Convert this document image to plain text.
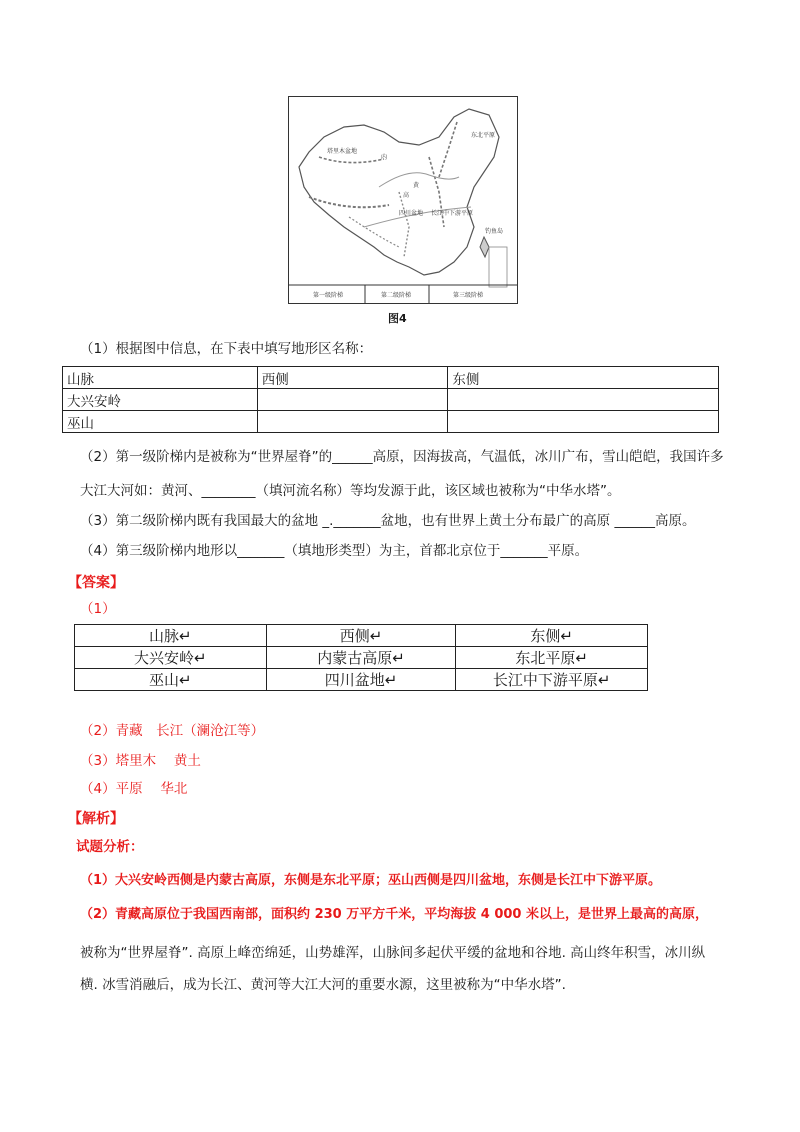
塔里木盆地
内
东北平原
四川盆地 长江中下游平原
黄
高
钓鱼岛
第一级阶梯	第二级阶梯	第三级阶梯
图4
（1）根据图中信息，在下表中填写地形区名称：
山脉	西侧	东侧
大兴安岭		
巫山		
（2）第一级阶梯内是被称为“世界屋脊”的______高原，因海拔高，气温低，冰川广布，雪山皑皑，我国许多
大江大河如：黄河、________（填河流名称）等均发源于此，该区域也被称为“中华水塔”。
（3）第二级阶梯内既有我国最大的盆地 _._______盆地，也有世界上黄土分布最广的高原 ______高原。
（4）第三级阶梯内地形以_______（填地形类型）为主，首都北京位于_______平原。
【答案】
（1）
山脉↵	西侧↵	东侧↵
大兴安岭↵	内蒙古高原↵	东北平原↵
巫山↵	四川盆地↵	长江中下游平原↵
（2）青藏　长江（澜沧江等）
（3）塔里木　 黄土
（4）平原　 华北
【解析】
试题分析：
（1）大兴安岭西侧是内蒙古高原，东侧是东北平原；巫山西侧是四川盆地，东侧是长江中下游平原。
（2）青藏高原位于我国西南部，面积约 230 万平方千米，平均海拔 4 000 米以上，是世界上最高的高原，
被称为“世界屋脊”. 高原上峰峦绵延，山势雄浑，山脉间多起伏平缓的盆地和谷地. 高山终年积雪，冰川纵
横. 冰雪消融后，成为长江、黄河等大江大河的重要水源，这里被称为“中华水塔”.
